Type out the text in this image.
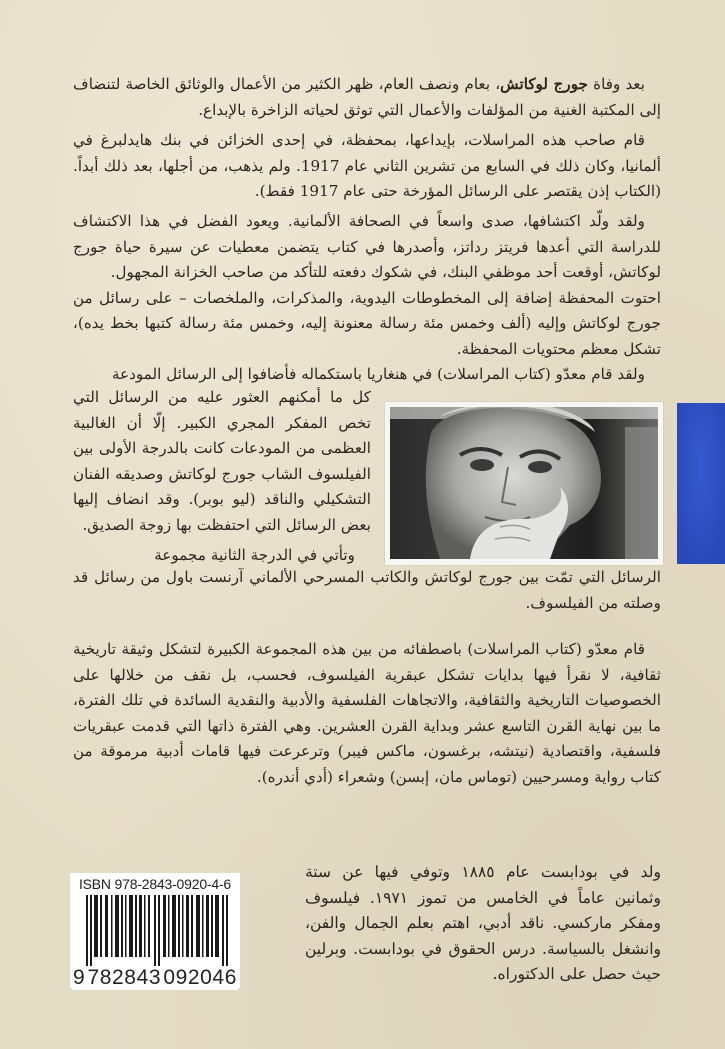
بعد وفاة جورج لوكاتش، بعام ونصف العام، ظهر الكثير من الأعمال والوثائق الخاصة لتنضاف إلى المكتبة الغنية من المؤلفات والأعمال التي توثق لحياته الزاخرة بالإبداع.

قام صاحب هذه المراسلات، بإيداعها، بمحفظة، في إحدى الخزائن في بنك هايدلبرغ في ألمانيا، وكان ذلك في السابع من تشرين الثاني عام 1917. ولم يذهب، من أجلها، بعد ذلك أبداً. (الكتاب إذن يقتصر على الرسائل المؤرخة حتى عام 1917 فقط).

ولقد ولّد اكتشافها، صدى واسعاً في الصحافة الألمانية. ويعود الفضل في هذا الاكتشاف للدراسة التي أعدها فريتز رداتز، وأصدرها في كتاب يتضمن معطيات عن سيرة حياة جورج لوكاتش، أوقعت أحد موظفي البنك، في شكوك دفعته للتأكد من صاحب الخزانة المجهول.

احتوت المحفظة إضافة إلى المخطوطات اليدوية، والمذكرات، والملخصات – على رسائل من جورج لوكاتش وإليه (ألف وخمس مئة رسالة معنونة إليه، وخمس مئة رسالة كتبها بخط يده)، تشكل معظم محتويات المحفظة.

ولقد قام معدّو (كتاب المراسلات) في هنغاريا باستكماله فأضافوا إلى الرسائل المودعة

كل ما أمكنهم العثور عليه من الرسائل التي تخص المفكر المجري الكبير. إلّا أن الغالبية العظمى من المودعات كانت بالدرجة الأولى بين الفيلسوف الشاب جورج لوكاتش وصديقه الفنان التشكيلي والناقد (ليو بوبر). وقد انضاف إليها بعض الرسائل التي احتفظت بها زوجة الصديق.

وتأتي في الدرجة الثانية مجموعة

الرسائل التي تمّت بين جورج لوكاتش والكاتب المسرحي الألماني آرنست باول من رسائل قد وصلته من الفيلسوف.

قام معدّو (كتاب المراسلات) باصطفائه من بين هذه المجموعة الكبيرة لتشكل وثيقة تاريخية ثقافية، لا نقرأ فيها بدايات تشكل عبقرية الفيلسوف، فحسب، بل نقف من خلالها على الخصوصيات التاريخية والثقافية، والاتجاهات الفلسفية والأدبية والنقدية السائدة في تلك الفترة، ما بين نهاية القرن التاسع عشر وبداية القرن العشرين. وهي الفترة ذاتها التي قدمت عبقريات فلسفية، واقتصادية (نيتشه، برغسون، ماكس فيبر) وترعرعت فيها قامات أدبية مرموقة من كتاب رواية ومسرحيين (توماس مان، إبسن) وشعراء (أدي أندره).

ولد في بودابست عام ١٨٨٥ وتوفي فيها عن ستة وثمانين عاماً في الخامس من تموز ١٩٧١. فيلسوف ومفكر ماركسي. ناقد أدبي، اهتم بعلم الجمال والفن، وانشغل بالسياسة. درس الحقوق في بودابست. وبرلين حيث حصل على الدكتوراه.

ISBN 978-2843-0920-4-6
9 782843 092046
